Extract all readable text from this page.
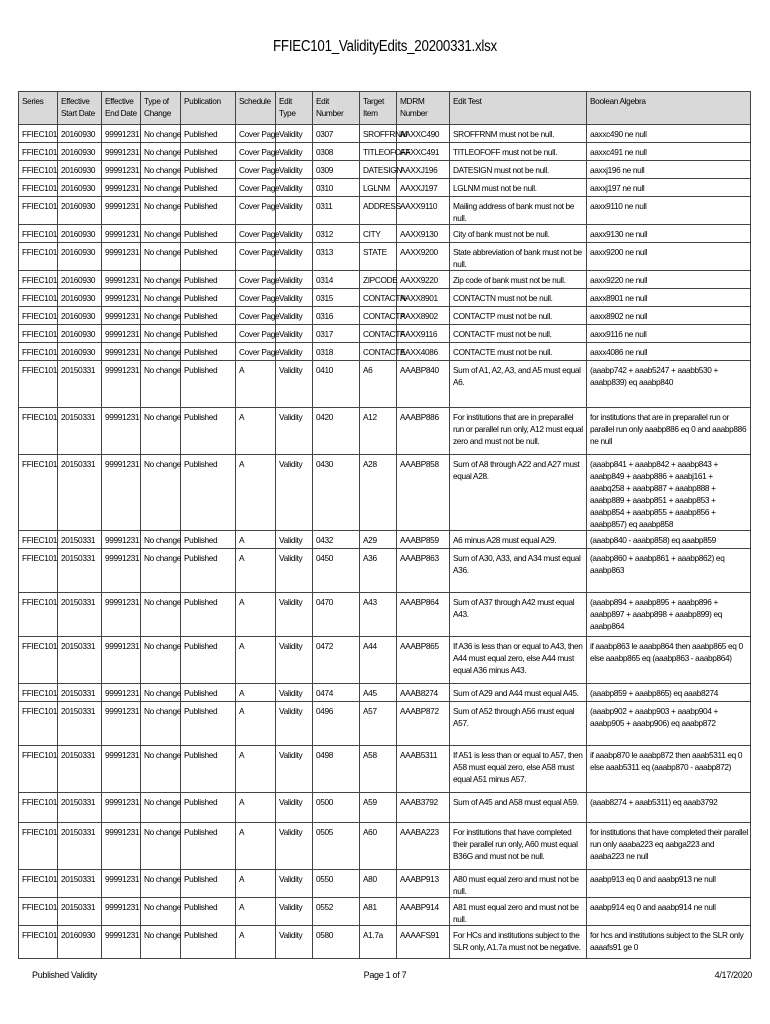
FFIEC101_ValidityEdits_20200331.xlsx
Series	Effective Start Date	Effective End Date	Type of Change	Publication	Schedule	Edit Type	Edit Number	Target Item	MDRM Number	Edit Test	Boolean Algebra
FFIEC101	20160930	99991231	No change	Published	Cover Page	Validity	0307	SROFFRNM	AAXXC490	SROFFRNM must not be null.	aaxxc490 ne null
FFIEC101	20160930	99991231	No change	Published	Cover Page	Validity	0308	TITLEOFOFF	AAXXC491	TITLEOFOFF must not be null.	aaxxc491 ne null
FFIEC101	20160930	99991231	No change	Published	Cover Page	Validity	0309	DATESIGN	AAXXJ196	DATESIGN must not be null.	aaxxj196 ne null
FFIEC101	20160930	99991231	No change	Published	Cover Page	Validity	0310	LGLNM	AAXXJ197	LGLNM must not be null.	aaxxj197 ne null
FFIEC101	20160930	99991231	No change	Published	Cover Page	Validity	0311	ADDRESS	AAXX9110	Mailing address of bank must not be null.	aaxx9110 ne null
FFIEC101	20160930	99991231	No change	Published	Cover Page	Validity	0312	CITY	AAXX9130	City of bank must not be null.	aaxx9130 ne null
FFIEC101	20160930	99991231	No change	Published	Cover Page	Validity	0313	STATE	AAXX9200	State abbreviation of bank must not be null.	aaxx9200 ne null
FFIEC101	20160930	99991231	No change	Published	Cover Page	Validity	0314	ZIPCODE	AAXX9220	Zip code of bank must not be null.	aaxx9220 ne null
FFIEC101	20160930	99991231	No change	Published	Cover Page	Validity	0315	CONTACTN	AAXX8901	CONTACTN must not be null.	aaxx8901 ne null
FFIEC101	20160930	99991231	No change	Published	Cover Page	Validity	0316	CONTACTP	AAXX8902	CONTACTP must not be null.	aaxx8902 ne null
FFIEC101	20160930	99991231	No change	Published	Cover Page	Validity	0317	CONTACTF	AAXX9116	CONTACTF must not be null.	aaxx9116 ne null
FFIEC101	20160930	99991231	No change	Published	Cover Page	Validity	0318	CONTACTE	AAXX4086	CONTACTE must not be null.	aaxx4086 ne null
FFIEC101	20150331	99991231	No change	Published	A	Validity	0410	A6	AAABP840	Sum of A1, A2, A3, and A5 must equal A6.	(aaabp742 + aaab5247 + aaabb530 + aaabp839) eq aaabp840
FFIEC101	20150331	99991231	No change	Published	A	Validity	0420	A12	AAABP886	For institutions that are in preparallel run or parallel run only, A12 must equal zero and must not be null.	for institutions that are in preparallel run or parallel run only aaabp886 eq 0 and aaabp886 ne null
FFIEC101	20150331	99991231	No change	Published	A	Validity	0430	A28	AAABP858	Sum of A8 through A22 and A27 must equal A28.	(aaabp841 + aaabp842 + aaabp843 + aaabp849 + aaabp886 + aaabj161 + aaabq258 + aaabp887 + aaabp888 + aaabp889 + aaabp851 + aaabp853 + aaabp854 + aaabp855 + aaabp856 + aaabp857) eq aaabp858
FFIEC101	20150331	99991231	No change	Published	A	Validity	0432	A29	AAABP859	A6 minus A28 must equal A29.	(aaabp840 - aaabp858) eq aaabp859
FFIEC101	20150331	99991231	No change	Published	A	Validity	0450	A36	AAABP863	Sum of A30, A33, and A34 must equal A36.	(aaabp860 + aaabp861 + aaabp862) eq aaabp863
FFIEC101	20150331	99991231	No change	Published	A	Validity	0470	A43	AAABP864	Sum of A37 through A42 must equal A43.	(aaabp894 + aaabp895 + aaabp896 + aaabp897 + aaabp898 + aaabp899) eq aaabp864
FFIEC101	20150331	99991231	No change	Published	A	Validity	0472	A44	AAABP865	If A36 is less than or equal to A43, then A44 must equal zero, else A44 must equal A36 minus A43.	if aaabp863 le aaabp864 then aaabp865 eq 0 else aaabp865 eq (aaabp863 - aaabp864)
FFIEC101	20150331	99991231	No change	Published	A	Validity	0474	A45	AAAB8274	Sum of A29 and A44 must equal A45.	(aaabp859 + aaabp865) eq aaab8274
FFIEC101	20150331	99991231	No change	Published	A	Validity	0496	A57	AAABP872	Sum of A52 through A56 must equal A57.	(aaabp902 + aaabp903 + aaabp904 + aaabp905 + aaabp906) eq aaabp872
FFIEC101	20150331	99991231	No change	Published	A	Validity	0498	A58	AAAB5311	If A51 is less than or equal to A57, then A58 must equal zero, else A58 must equal A51 minus A57.	if aaabp870 le aaabp872 then aaab5311 eq 0 else aaab5311 eq (aaabp870 - aaabp872)
FFIEC101	20150331	99991231	No change	Published	A	Validity	0500	A59	AAAB3792	Sum of A45 and A58 must equal A59.	(aaab8274 + aaab5311) eq aaab3792
FFIEC101	20150331	99991231	No change	Published	A	Validity	0505	A60	AAABA223	For institutions that have completed their parallel run only, A60 must equal B36G and must not be null.	for institutions that have completed their parallel run only aaaba223 eq aabga223 and aaaba223 ne null
FFIEC101	20150331	99991231	No change	Published	A	Validity	0550	A80	AAABP913	A80 must equal zero and must not be null.	aaabp913 eq 0 and aaabp913 ne null
FFIEC101	20150331	99991231	No change	Published	A	Validity	0552	A81	AAABP914	A81 must equal zero and must not be null.	aaabp914 eq 0 and aaabp914 ne null
FFIEC101	20160930	99991231	No change	Published	A	Validity	0580	A1.7a	AAAAFS91	For HCs and institutions subject to the SLR only, A1.7a must not be negative.	for hcs and institutions subject to the SLR only aaaafs91 ge 0
Published Validity	Page 1 of 7	4/17/2020
